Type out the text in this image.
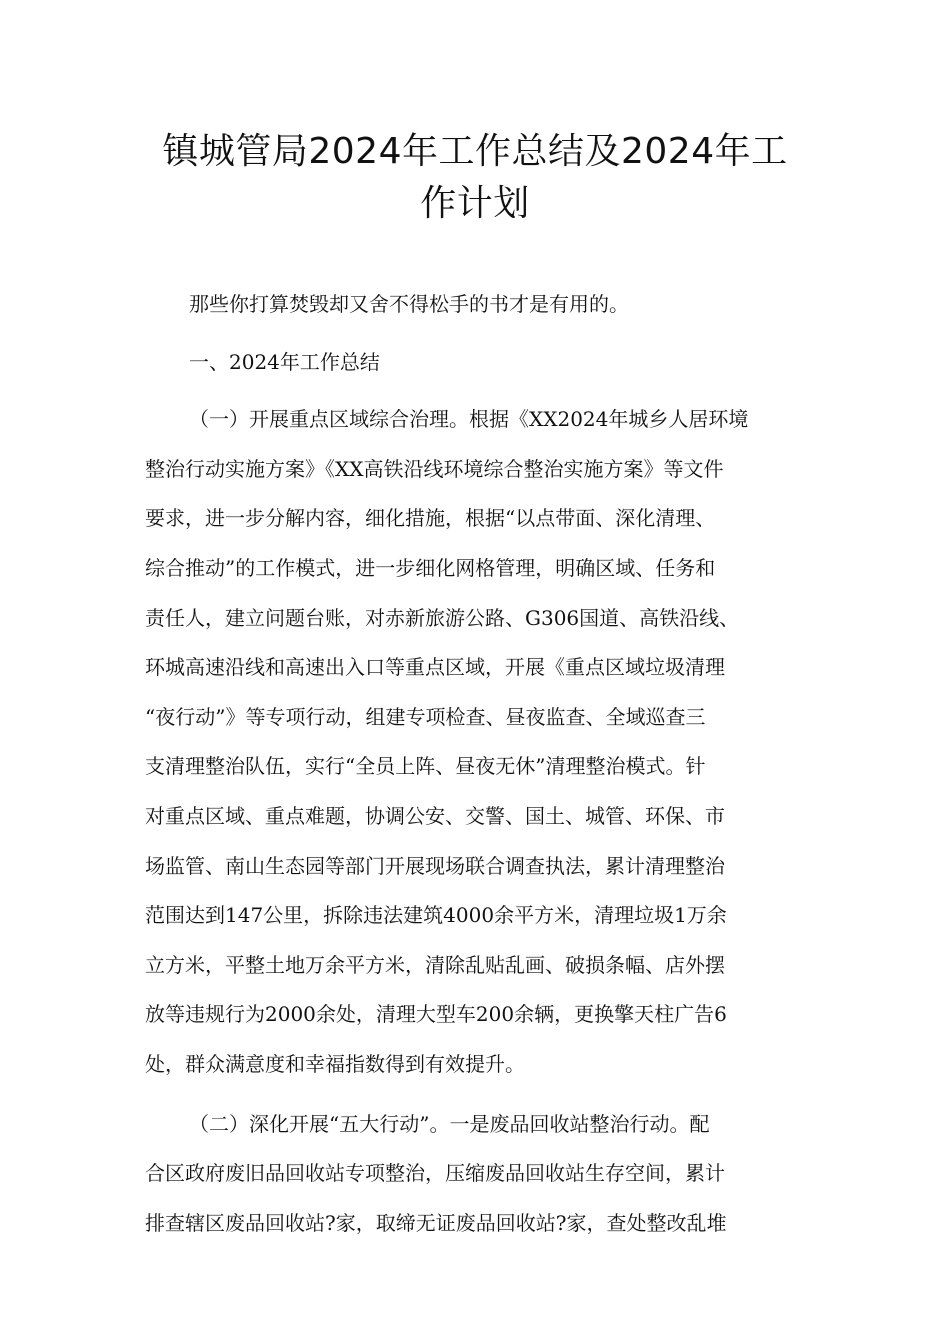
镇城管局2024年工作总结及2024年工
作计划

那些你打算焚毁却又舍不得松手的书才是有用的。

一、2024年工作总结

（一）开展重点区域综合治理。根据《XX2024年城乡人居环境
整治行动实施方案》《XX高铁沿线环境综合整治实施方案》等文件
要求，进一步分解内容，细化措施，根据“以点带面、深化清理、
综合推动”的工作模式，进一步细化网格管理，明确区域、任务和
责任人，建立问题台账，对赤新旅游公路、G306国道、高铁沿线、
环城高速沿线和高速出入口等重点区域，开展《重点区域垃圾清理
“夜行动”》等专项行动，组建专项检查、昼夜监查、全域巡查三
支清理整治队伍，实行“全员上阵、昼夜无休”清理整治模式。针
对重点区域、重点难题，协调公安、交警、国土、城管、环保、市
场监管、南山生态园等部门开展现场联合调查执法，累计清理整治
范围达到147公里，拆除违法建筑4000余平方米，清理垃圾1万余
立方米，平整土地万余平方米，清除乱贴乱画、破损条幅、店外摆
放等违规行为2000余处，清理大型车200余辆，更换擎天柱广告6
处，群众满意度和幸福指数得到有效提升。

（二）深化开展“五大行动”。一是废品回收站整治行动。配
合区政府废旧品回收站专项整治，压缩废品回收站生存空间，累计
排查辖区废品回收站?家，取缔无证废品回收站?家，查处整改乱堆
